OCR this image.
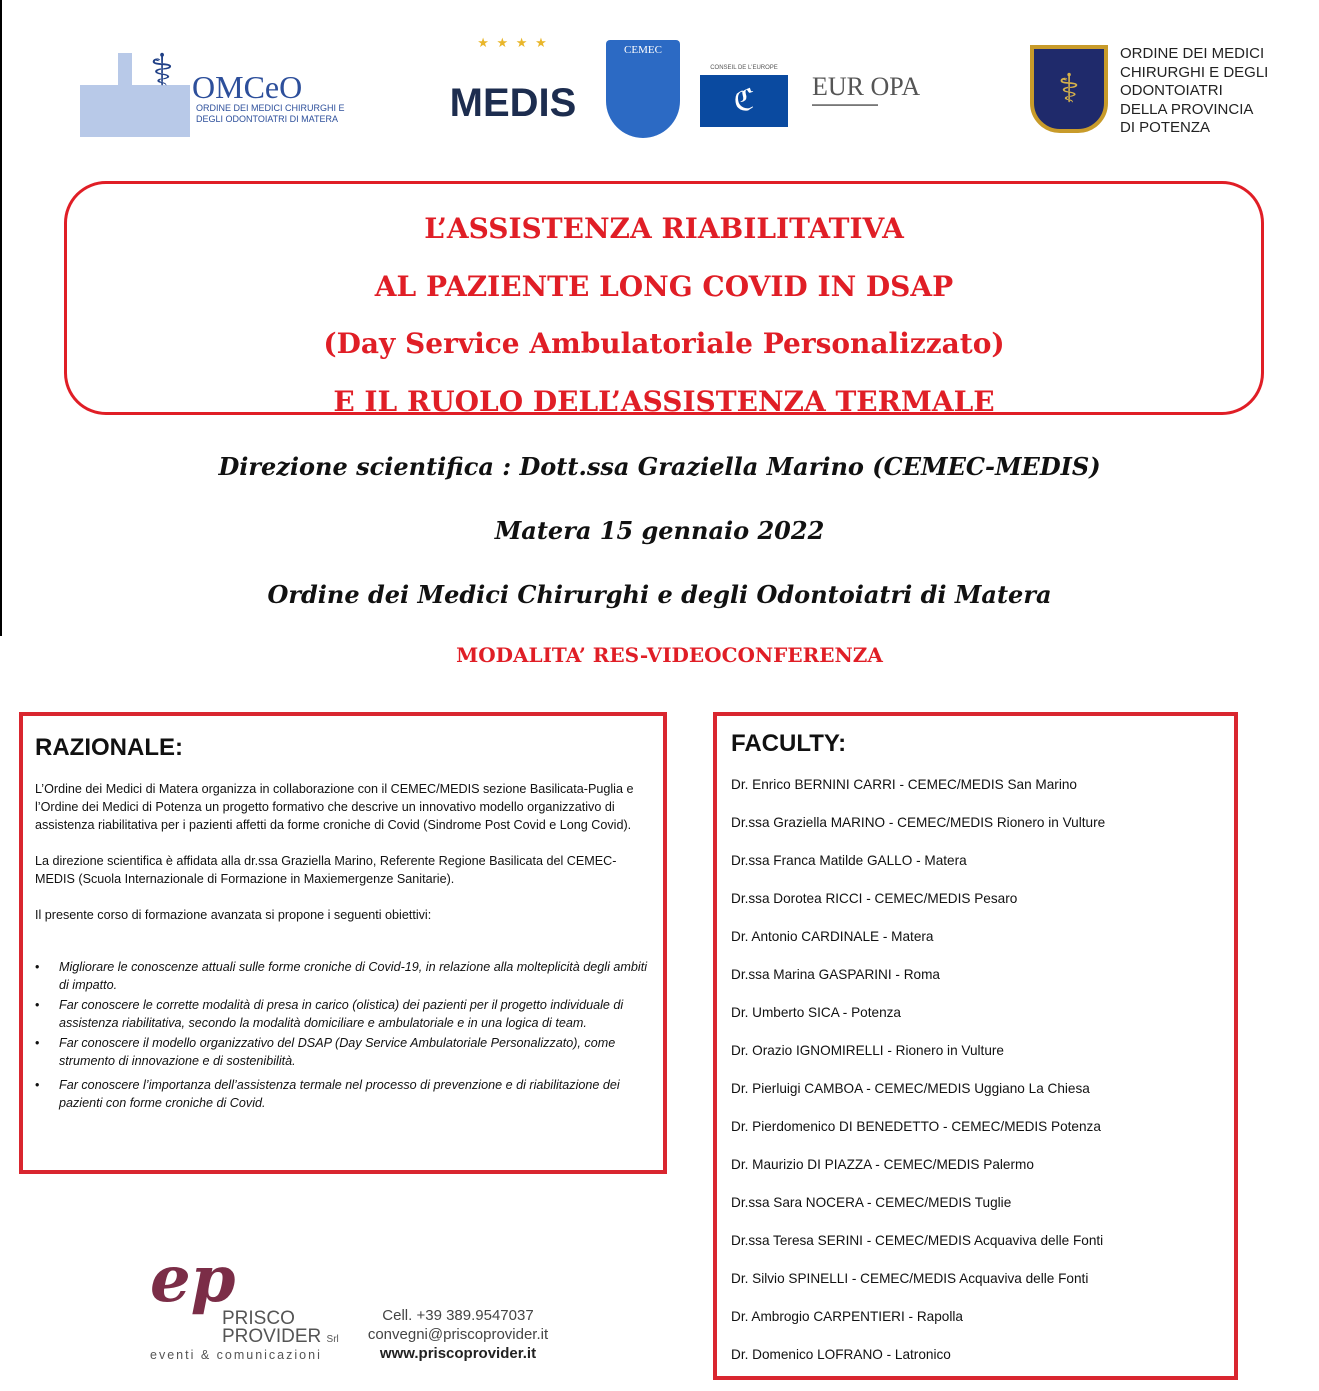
⚕ OMCeO
ORDINE DEI MEDICI CHIRURGHI E DEGLI ODONTOIATRI DI MATERA
★ ★ ★ ★
MEDIS
CEMEC
CONSEIL DE L'EUROPE
ℭ	EUR OPA
▬▬▬▬▬▬▬▬▬▬▬	⚕
ORDINE DEI MEDICI
CHIRURGHI E DEGLI
ODONTOIATRI
DELLA PROVINCIA
DI POTENZA
L’ASSISTENZA RIABILITATIVA
AL PAZIENTE LONG COVID IN DSAP
(Day Service Ambulatoriale Personalizzato)
E IL RUOLO DELL’ASSISTENZA TERMALE
Direzione scientifica : Dott.ssa Graziella Marino (CEMEC-MEDIS)
Matera 15 gennaio 2022
Ordine dei Medici Chirurghi e degli Odontoiatri di Matera
MODALITA’ RES-VIDEOCONFERENZA
RAZIONALE:

L’Ordine dei Medici di Matera organizza in collaborazione con il CEMEC/MEDIS sezione Basilicata-Puglia e l’Ordine dei Medici di Potenza un progetto formativo che descrive un innovativo modello organizzativo di assistenza riabilitativa per i pazienti affetti da forme croniche di Covid (Sindrome Post Covid e Long Covid).

La direzione scientifica è affidata alla dr.ssa Graziella Marino, Referente Regione Basilicata del CEMEC-MEDIS (Scuola Internazionale di Formazione in Maxiemergenze Sanitarie).

Il presente corso di formazione avanzata si propone i seguenti obiettivi:

• Migliorare le conoscenze attuali sulle forme croniche di Covid-19, in relazione alla molteplicità degli ambiti di impatto.
• Far conoscere le corrette modalità di presa in carico (olistica) dei pazienti per il progetto individuale di assistenza riabilitativa, secondo la modalità domiciliare e ambulatoriale e in una logica di team.
• Far conoscere il modello organizzativo del DSAP (Day Service Ambulatoriale Personalizzato), come strumento di innovazione e di sostenibilità.
• Far conoscere l’importanza dell’assistenza termale nel processo di prevenzione e di riabilitazione dei pazienti con forme croniche di Covid.
FACULTY:
Dr. Enrico BERNINI CARRI - CEMEC/MEDIS San Marino
Dr.ssa Graziella MARINO - CEMEC/MEDIS Rionero in Vulture
Dr.ssa Franca Matilde GALLO - Matera
Dr.ssa Dorotea RICCI - CEMEC/MEDIS Pesaro
Dr. Antonio CARDINALE - Matera
Dr.ssa Marina GASPARINI - Roma
Dr. Umberto SICA - Potenza
Dr. Orazio IGNOMIRELLI - Rionero in Vulture
Dr. Pierluigi CAMBOA - CEMEC/MEDIS Uggiano La Chiesa
Dr. Pierdomenico DI BENEDETTO - CEMEC/MEDIS Potenza
Dr. Maurizio DI PIAZZA - CEMEC/MEDIS Palermo
Dr.ssa Sara NOCERA - CEMEC/MEDIS Tuglie
Dr.ssa Teresa SERINI - CEMEC/MEDIS Acquaviva delle Fonti
Dr. Silvio SPINELLI - CEMEC/MEDIS Acquaviva delle Fonti
Dr. Ambrogio CARPENTIERI - Rapolla
Dr. Domenico LOFRANO - Latronico
ep
PRISCO
PROVIDER Srl
eventi & comunicazioni
Cell. +39 389.9547037
convegni@priscoprovider.it
www.priscoprovider.it
